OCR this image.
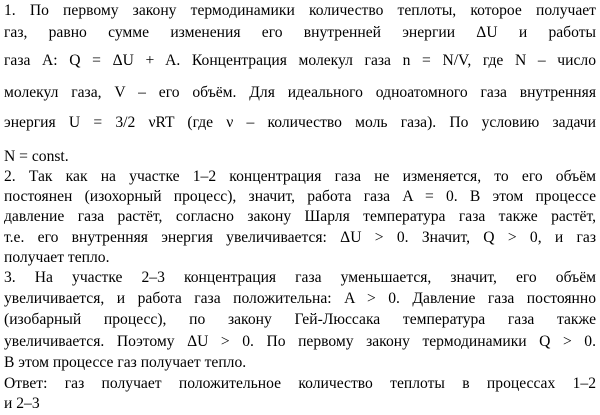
1. По первому закону термодинамики количество теплоты, которое получает
газ, равно сумме изменения его внутренней энергии ΔU и работы
газа A: Q = ΔU + A. Концентрация молекул газа n = N/V, где N – число
молекул газа, V – его объём. Для идеального одноатомного газа внутренняя
энергия U = 3/2 νRT (где ν – количество моль газа). По условию задачи
N = const.
2. Так как на участке 1–2 концентрация газа не изменяется, то его объём
постоянен (изохорный процесс), значит, работа газа A = 0. В этом процессе
давление газа растёт, согласно закону Шарля температура газа также растёт,
т.е. его внутренняя энергия увеличивается: ΔU > 0. Значит, Q > 0, и газ
получает тепло.
3. На участке 2–3 концентрация газа уменьшается, значит, его объём
увеличивается, и работа газа положительна: A > 0. Давление газа постоянно
(изобарный процесс), по закону Гей-Люссака температура газа также
увеличивается. Поэтому ΔU > 0. По первому закону термодинамики Q > 0.
В этом процессе газ получает тепло.
Ответ: газ получает положительное количество теплоты в процессах 1–2
и 2–3
